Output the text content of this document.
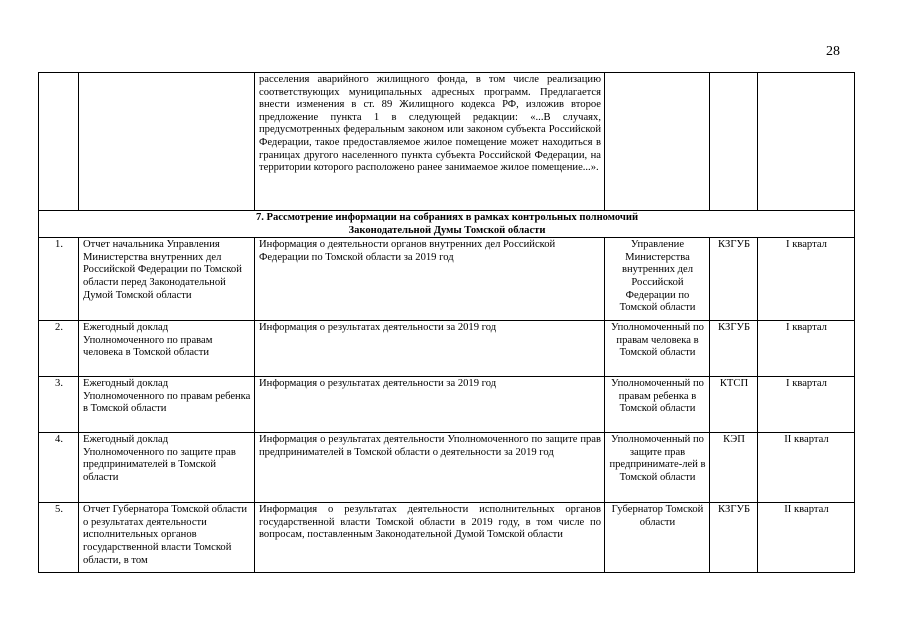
28
		расселения аварийного жилищного фонда, в том числе реализацию соответствующих муниципальных адресных программ. Предлагается внести изменения в ст. 89 Жилищного кодекса РФ, изложив второе предложение пункта 1 в следующей редакции: «...В случаях, предусмотренных федеральным законом или законом субъекта Российской Федерации, такое предоставляемое жилое помещение может находиться в границах другого населенного пункта субъекта Российской Федерации, на территории которого расположено ранее занимаемое жилое помещение...».			

7. Рассмотрение информации на собраниях в рамках контрольных полномочий
Законодательной Думы Томской области					

1.	Отчет начальника Управления Министерства внутренних дел Российской Федерации по Томской области перед Законодательной Думой Томской области	Информация о деятельности органов внутренних дел Российской Федерации по Томской области за 2019 год	Управление Министерства внутренних дел Российской Федерации по Томской области	КЗГУБ	I квартал
2.	Ежегодный доклад Уполномоченного по правам человека в Томской области	Информация о результатах деятельности за 2019 год	Уполномоченный по правам человека в Томской области	КЗГУБ	I квартал
3.	Ежегодный доклад Уполномоченного по правам ребенка в Томской области	Информация о результатах деятельности за 2019 год	Уполномоченный по правам ребенка в Томской области	КТСП	I квартал
4.	Ежегодный доклад Уполномоченного по защите прав предпринимателей в Томской области	Информация о результатах деятельности Уполномоченного по защите прав предпринимателей в Томской области о деятельности за 2019 год	Уполномоченный по защите прав предпринимате-лей в Томской области	КЭП	II квартал
5.	Отчет Губернатора Томской области о результатах деятельности исполнительных органов государственной власти Томской области, в том	Информация о результатах деятельности исполнительных органов государственной власти Томской области в 2019 году, в том числе по вопросам, поставленным Законодательной Думой Томской области	Губернатор Томской области	КЗГУБ	II квартал
